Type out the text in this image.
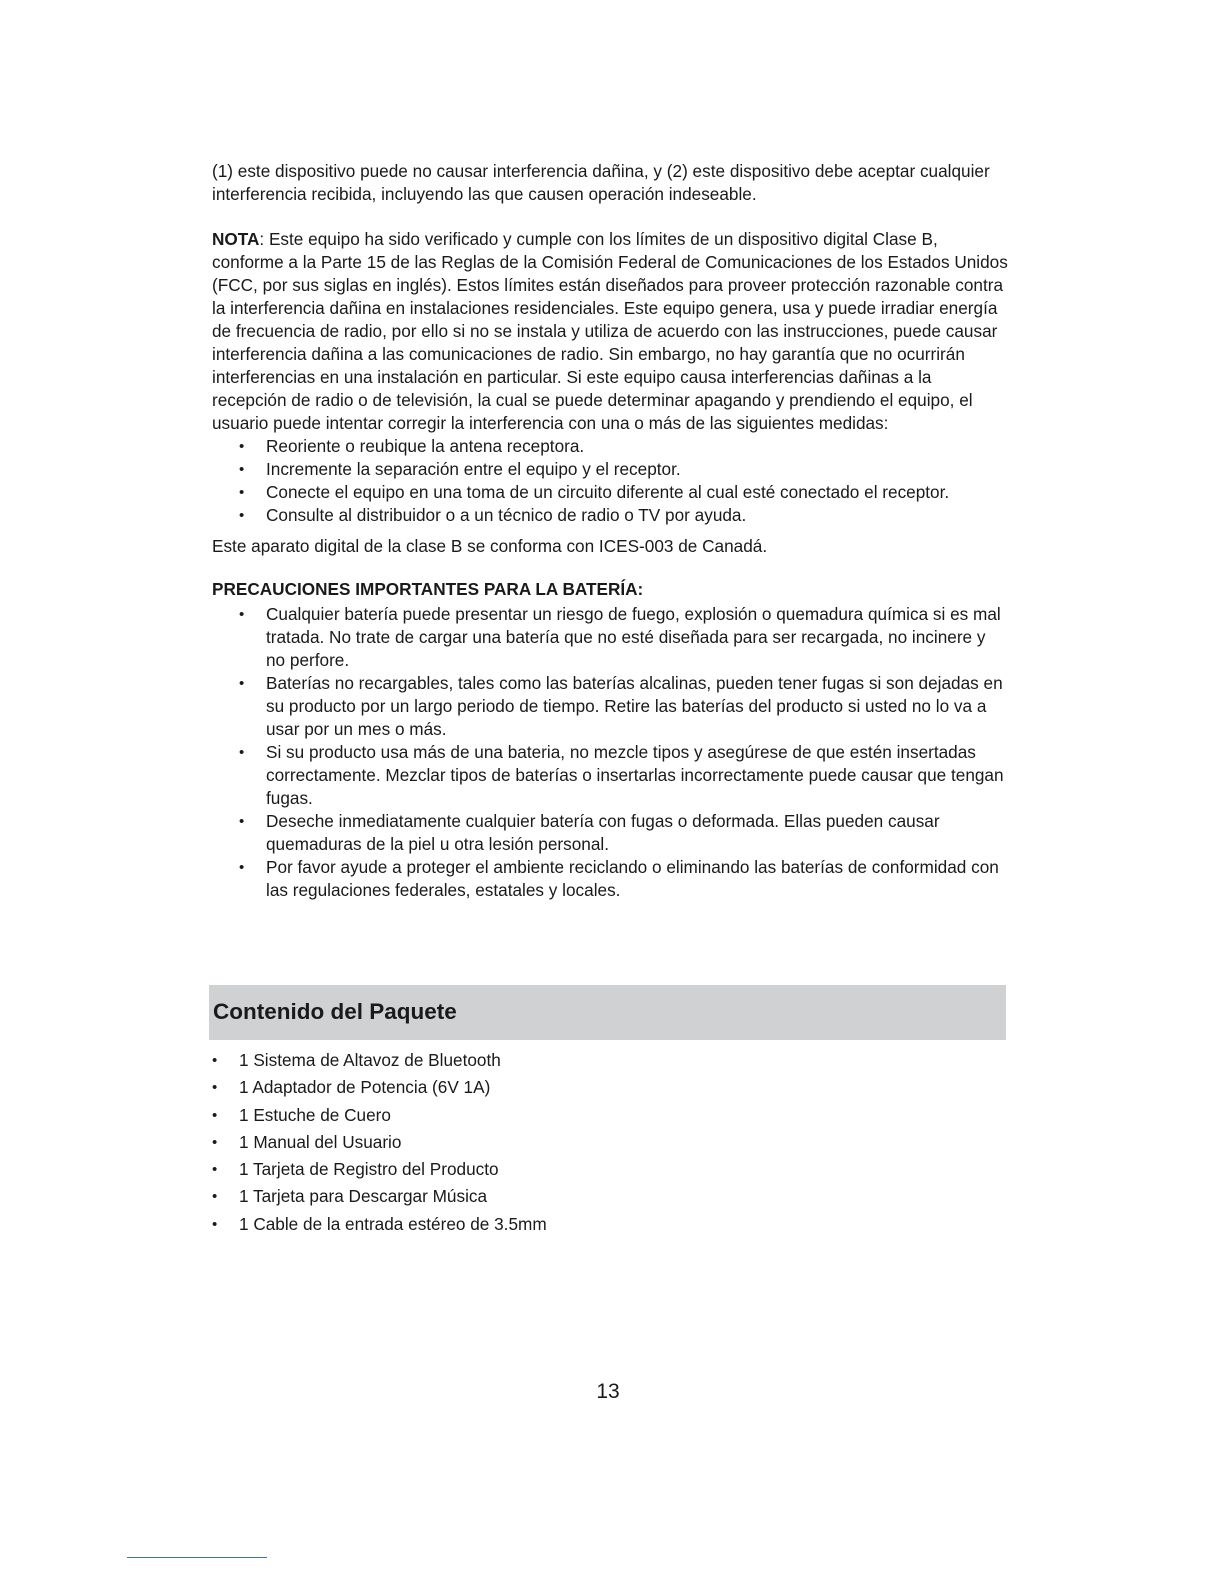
(1) este dispositivo puede no causar interferencia dañina, y (2) este dispositivo debe aceptar cualquier interferencia recibida, incluyendo las que causen operación indeseable.

NOTA: Este equipo ha sido verificado y cumple con los límites de un dispositivo digital Clase B, conforme a la Parte 15 de las Reglas de la Comisión Federal de Comunicaciones de los Estados Unidos (FCC, por sus siglas en inglés). Estos límites están diseñados para proveer protección razonable contra la interferencia dañina en instalaciones residenciales. Este equipo genera, usa y puede irradiar energía de frecuencia de radio, por ello si no se instala y utiliza de acuerdo con las instrucciones, puede causar interferencia dañina a las comunicaciones de radio. Sin embargo, no hay garantía que no ocurrirán interferencias en una instalación en particular. Si este equipo causa interferencias dañinas a la recepción de radio o de televisión, la cual se puede determinar apagando y prendiendo el equipo, el usuario puede intentar corregir la interferencia con una o más de las siguientes medidas:

• Reoriente o reubique la antena receptora.
• Incremente la separación entre el equipo y el receptor.
• Conecte el equipo en una toma de un circuito diferente al cual esté conectado el receptor.
• Consulte al distribuidor o a un técnico de radio o TV por ayuda.

Este aparato digital de la clase B se conforma con ICES-003 de Canadá.

PRECAUCIONES IMPORTANTES PARA LA BATERÍA:

• Cualquier batería puede presentar un riesgo de fuego, explosión o quemadura química si es mal tratada. No trate de cargar una batería que no esté diseñada para ser recargada, no incinere y no perfore.
• Baterías no recargables, tales como las baterías alcalinas, pueden tener fugas si son dejadas en su producto por un largo periodo de tiempo. Retire las baterías del producto si usted no lo va a usar por un mes o más.
• Si su producto usa más de una bateria, no mezcle tipos y asegúrese de que estén insertadas correctamente. Mezclar tipos de baterías o insertarlas incorrectamente puede causar que tengan fugas.
• Deseche inmediatamente cualquier batería con fugas o deformada. Ellas pueden causar quemaduras de la piel u otra lesión personal.
• Por favor ayude a proteger el ambiente reciclando o eliminando las baterías de conformidad con las regulaciones federales, estatales y locales.
Contenido del Paquete
• 1 Sistema de Altavoz de Bluetooth
• 1 Adaptador de Potencia (6V 1A)
• 1 Estuche de Cuero
• 1 Manual del Usuario
• 1 Tarjeta de Registro del Producto
• 1 Tarjeta para Descargar Música
• 1 Cable de la entrada estéreo de 3.5mm
13
